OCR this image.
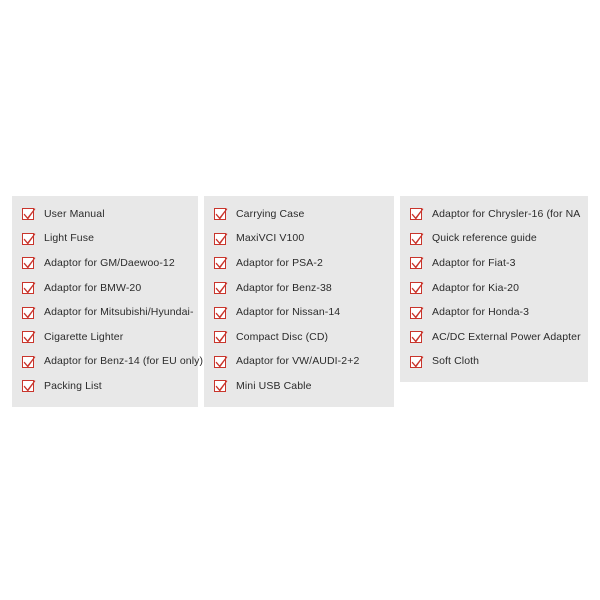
User Manual
Light Fuse
Adaptor for GM/Daewoo-12
Adaptor for BMW-20
Adaptor for Mitsubishi/Hyundai-
Cigarette Lighter
Adaptor for Benz-14 (for EU only)
Packing List
Carrying Case
MaxiVCI V100
Adaptor for PSA-2
Adaptor for Benz-38
Adaptor for Nissan-14
Compact Disc (CD)
Adaptor for VW/AUDI-2+2
Mini USB Cable
Adaptor for Chrysler-16 (for NA
Quick reference guide
Adaptor for Fiat-3
Adaptor for Kia-20
Adaptor for Honda-3
AC/DC External Power Adapter
Soft Cloth
